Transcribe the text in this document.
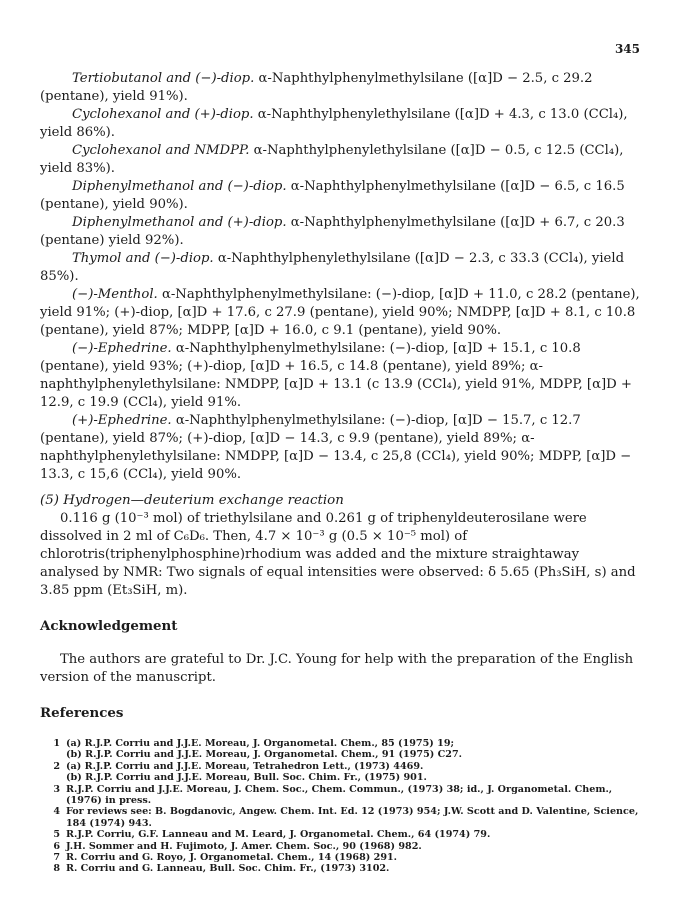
345

Tertiobutanol and (−)-diop. α-Naphthylphenylmethylsilane ([α]D − 2.5, c 29.2 (pentane), yield 91%).

Cyclohexanol and (+)-diop. α-Naphthylphenylethylsilane ([α]D + 4.3, c 13.0 (CCl₄), yield 86%).

Cyclohexanol and NMDPP. α-Naphthylphenylethylsilane ([α]D − 0.5, c 12.5 (CCl₄), yield 83%).

Diphenylmethanol and (−)-diop. α-Naphthylphenylmethylsilane ([α]D − 6.5, c 16.5 (pentane), yield 90%).

Diphenylmethanol and (+)-diop. α-Naphthylphenylmethylsilane ([α]D + 6.7, c 20.3 (pentane) yield 92%).

Thymol and (−)-diop. α-Naphthylphenylethylsilane ([α]D − 2.3, c 33.3 (CCl₄), yield 85%).

(−)-Menthol. α-Naphthylphenylmethylsilane: (−)-diop, [α]D + 11.0, c 28.2 (pentane), yield 91%; (+)-diop, [α]D + 17.6, c 27.9 (pentane), yield 90%; NMDPP, [α]D + 8.1, c 10.8 (pentane), yield 87%; MDPP, [α]D + 16.0, c 9.1 (pentane), yield 90%.

(−)-Ephedrine. α-Naphthylphenylmethylsilane: (−)-diop, [α]D + 15.1, c 10.8 (pentane), yield 93%; (+)-diop, [α]D + 16.5, c 14.8 (pentane), yield 89%; α-naphthylphenylethylsilane: NMDPP, [α]D + 13.1 (c 13.9 (CCl₄), yield 91%, MDPP, [α]D + 12.9, c 19.9 (CCl₄), yield 91%.

(+)-Ephedrine. α-Naphthylphenylmethylsilane: (−)-diop, [α]D − 15.7, c 12.7 (pentane), yield 87%; (+)-diop, [α]D − 14.3, c 9.9 (pentane), yield 89%; α-naphthylphenylethylsilane: NMDPP, [α]D − 13.4, c 25,8 (CCl₄), yield 90%; MDPP, [α]D − 13.3, c 15,6 (CCl₄), yield 90%.

(5) Hydrogen—deuterium exchange reaction

0.116 g (10⁻³ mol) of triethylsilane and 0.261 g of triphenyldeuterosilane were dissolved in 2 ml of C₆D₆. Then, 4.7 × 10⁻³ g (0.5 × 10⁻⁵ mol) of chlorotris(triphenylphosphine)rhodium was added and the mixture straightaway analysed by NMR: Two signals of equal intensities were observed: δ 5.65 (Ph₃SiH, s) and 3.85 ppm (Et₃SiH, m).

Acknowledgement

The authors are grateful to Dr. J.C. Young for help with the preparation of the English version of the manuscript.

References

1 (a) R.J.P. Corriu and J.J.E. Moreau, J. Organometal. Chem., 85 (1975) 19;
(b) R.J.P. Corriu and J.J.E. Moreau, J. Organometal. Chem., 91 (1975) C27.
2 (a) R.J.P. Corriu and J.J.E. Moreau, Tetrahedron Lett., (1973) 4469.
(b) R.J.P. Corriu and J.J.E. Moreau, Bull. Soc. Chim. Fr., (1975) 901.
3 R.J.P. Corriu and J.J.E. Moreau, J. Chem. Soc., Chem. Commun., (1973) 38; id., J. Organometal. Chem., (1976) in press.
4 For reviews see: B. Bogdanovic, Angew. Chem. Int. Ed. 12 (1973) 954; J.W. Scott and D. Valentine, Science, 184 (1974) 943.
5 R.J.P. Corriu, G.F. Lanneau and M. Leard, J. Organometal. Chem., 64 (1974) 79.
6 J.H. Sommer and H. Fujimoto, J. Amer. Chem. Soc., 90 (1968) 982.
7 R. Corriu and G. Royo, J. Organometal. Chem., 14 (1968) 291.
8 R. Corriu and G. Lanneau, Bull. Soc. Chim. Fr., (1973) 3102.
